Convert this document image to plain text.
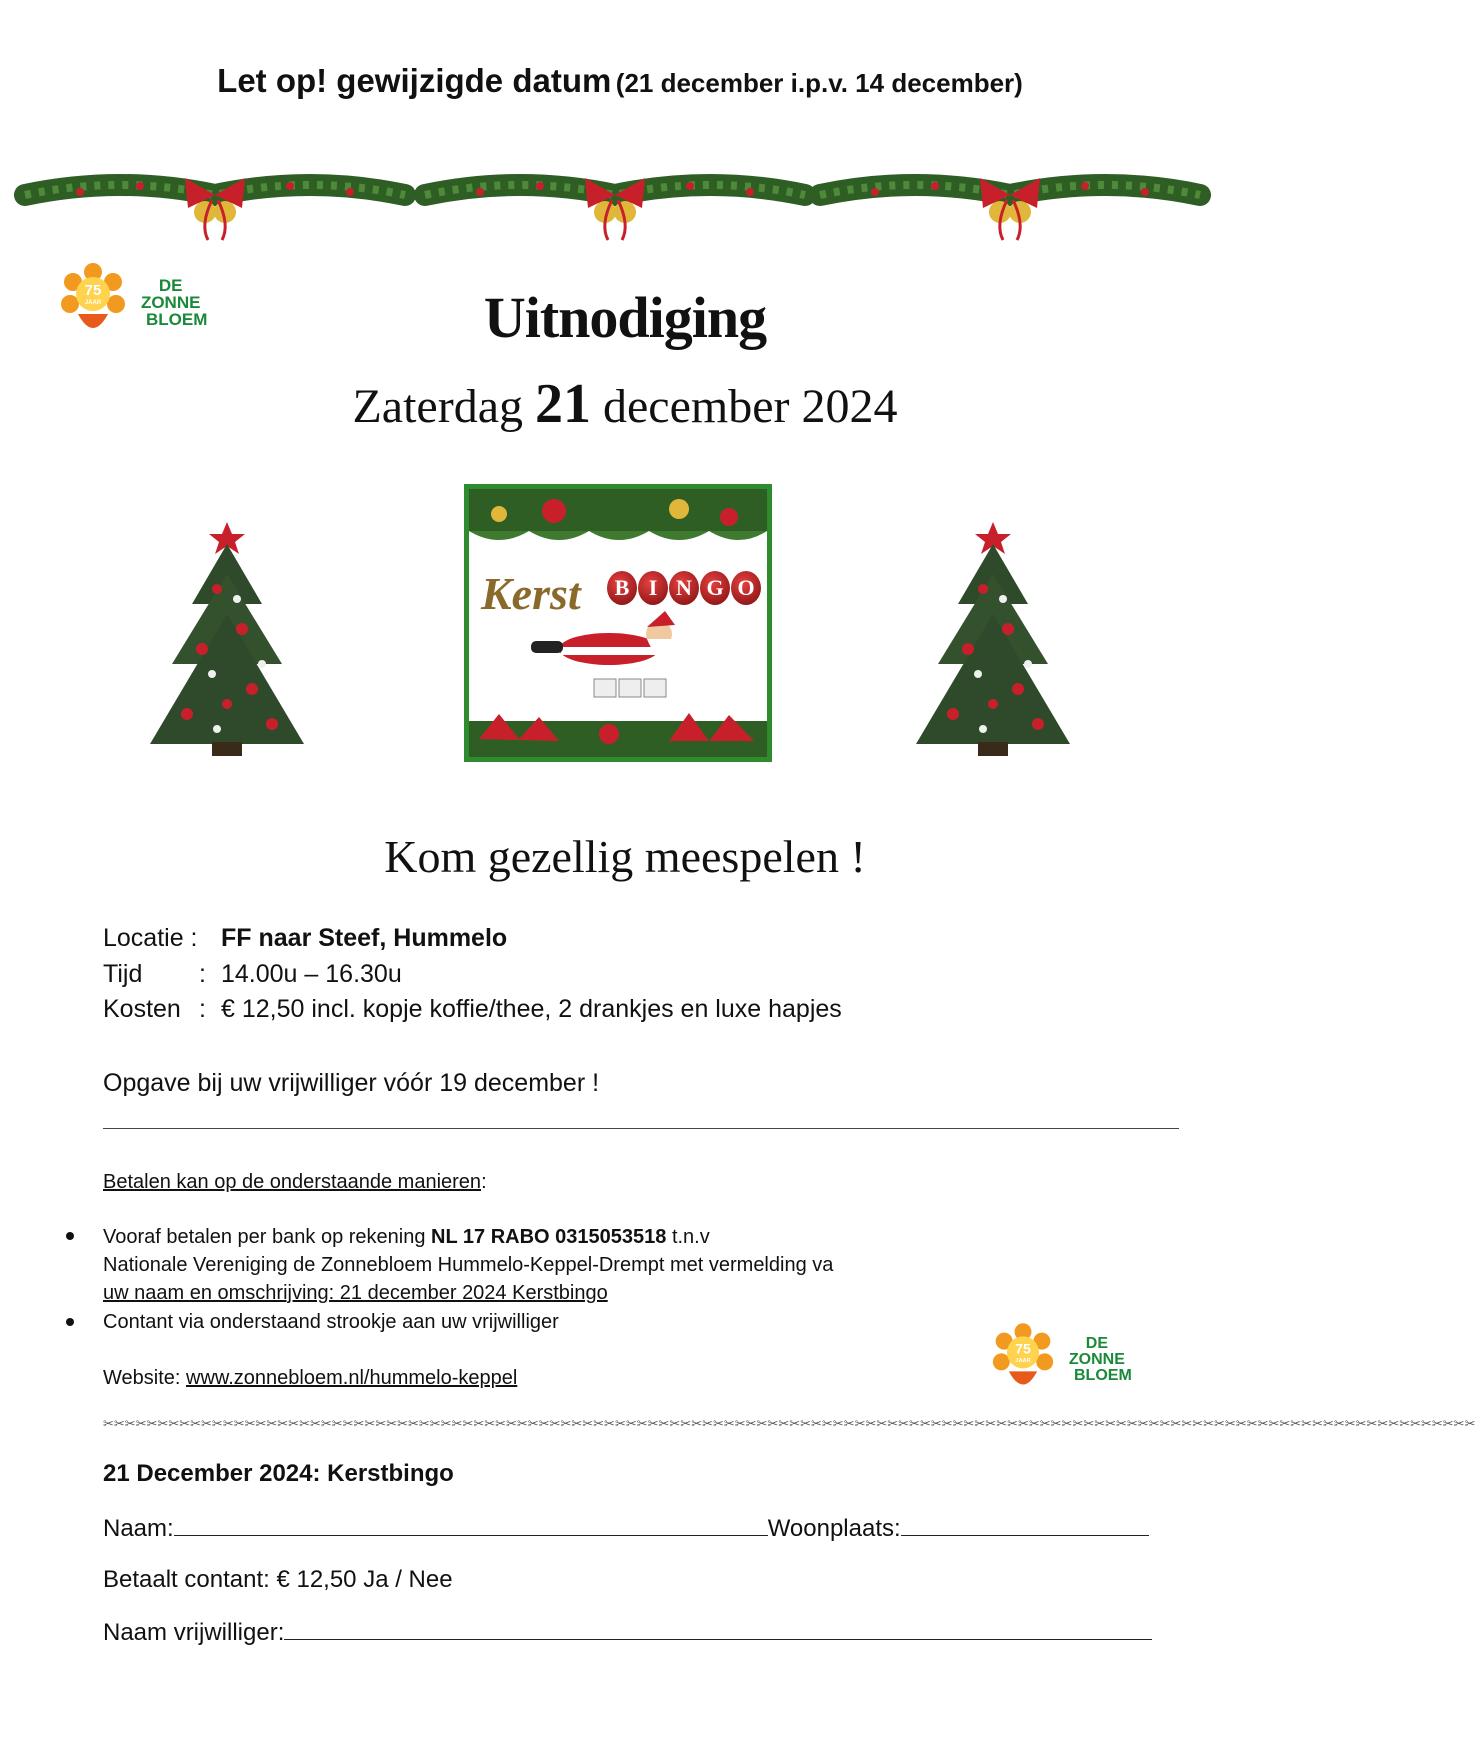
Let op! gewijzigde datum (21 december i.p.v. 14 december)
75
JAAR
DE
ZONNE
BLOEM	Uitnodiging
Zaterdag 21 december 2024
Kerst	B I N G O
Kom gezellig meespelen !
Locatie : FF naar Steef, Hummelo
Tijd : 14.00u – 16.30u
Kosten : € 12,50 incl. kopje koffie/thee, 2 drankjes en luxe hapjes
Opgave bij uw vrijwilliger vóór 19 december !
Betalen kan op de onderstaande manieren:
Vooraf betalen per bank op rekening NL 17 RABO 0315053518 t.n.v
Nationale Vereniging de Zonnebloem Hummelo-Keppel-Drempt met vermelding va
uw naam en omschrijving: 21 december 2024 Kerstbingo
Contant via onderstaand strookje aan uw vrijwilliger
Website: www.zonnebloem.nl/hummelo-keppel
75
JAAR
DE
ZONNE
BLOEM
✂✂✂✂✂✂✂✂✂✂✂✂✂✂✂✂✂✂✂✂✂✂✂✂✂✂✂✂✂✂✂✂✂✂✂✂✂✂✂✂✂✂✂✂✂✂✂✂✂✂✂✂✂✂✂✂✂✂✂✂✂✂✂✂✂✂✂✂✂✂✂✂✂✂✂✂✂✂✂✂✂✂✂✂✂✂✂✂✂✂✂✂✂✂✂✂✂✂✂✂✂✂✂✂✂✂✂✂✂✂✂✂✂✂✂✂✂✂✂✂✂✂✂✂✂✂
21 December 2024: Kerstbingo
Naam:	Woonplaats:
Betaalt contant: € 12,50 Ja / Nee
Naam vrijwilliger:
